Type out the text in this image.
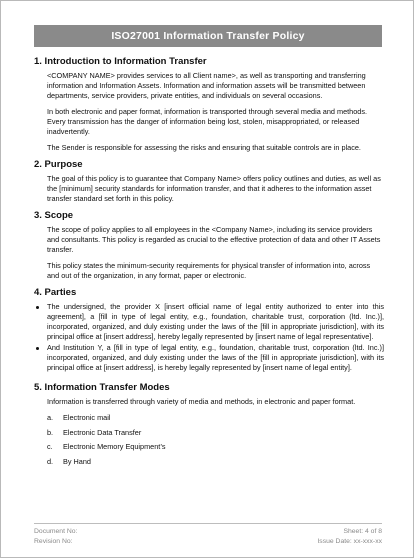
ISO27001 Information Transfer Policy
1. Introduction to Information Transfer

<COMPANY NAME> provides services to all Client name>, as well as transporting and transferring information and Information Assets. Information and information assets will be transmitted between departments, service providers, private entities, and individuals on several occasions.

In both electronic and paper format, information is transported through several media and methods. Every transmission has the danger of information being lost, stolen, misappropriated, or released inadvertently.

The Sender is responsible for assessing the risks and ensuring that suitable controls are in place.

2. Purpose

The goal of this policy is to guarantee that Company Name> offers policy outlines and duties, as well as the [minimum] security standards for information transfer, and that it adheres to the information asset transfer standard set forth in this policy.

3. Scope

The scope of policy applies to all employees in the <Company Name>, including its service providers and consultants. This policy is regarded as crucial to the effective protection of data and other IT Assets transfer.

This policy states the minimum-security requirements for physical transfer of information into, across and out of the organization, in any format, paper or electronic.

4. Parties
The undersigned, the provider X [insert official name of legal entity authorized to enter into this agreement], a [fill in type of legal entity, e.g., foundation, charitable trust, corporation (ltd. Inc.)], incorporated, organized, and duly existing under the laws of the [fill in appropriate jurisdiction], with its principal office at [insert address], hereby legally represented by [insert name of legal representative].
And Institution Y, a [fill in type of legal entity, e.g., foundation, charitable trust, corporation (ltd. Inc.)] incorporated, organized, and duly existing under the laws of the [fill in appropriate jurisdiction], with its principal office at [insert address], is hereby legally represented by [insert name of legal entity].
5. Information Transfer Modes

Information is transferred through variety of media and methods, in electronic and paper format.

a.	Electronic mail
b.	Electronic Data Transfer
c.	Electronic Memory Equipment’s
d.	By Hand
Document No:	Sheet: 4 of 8
Revision No:	Issue Date: xx-xxx-xx
